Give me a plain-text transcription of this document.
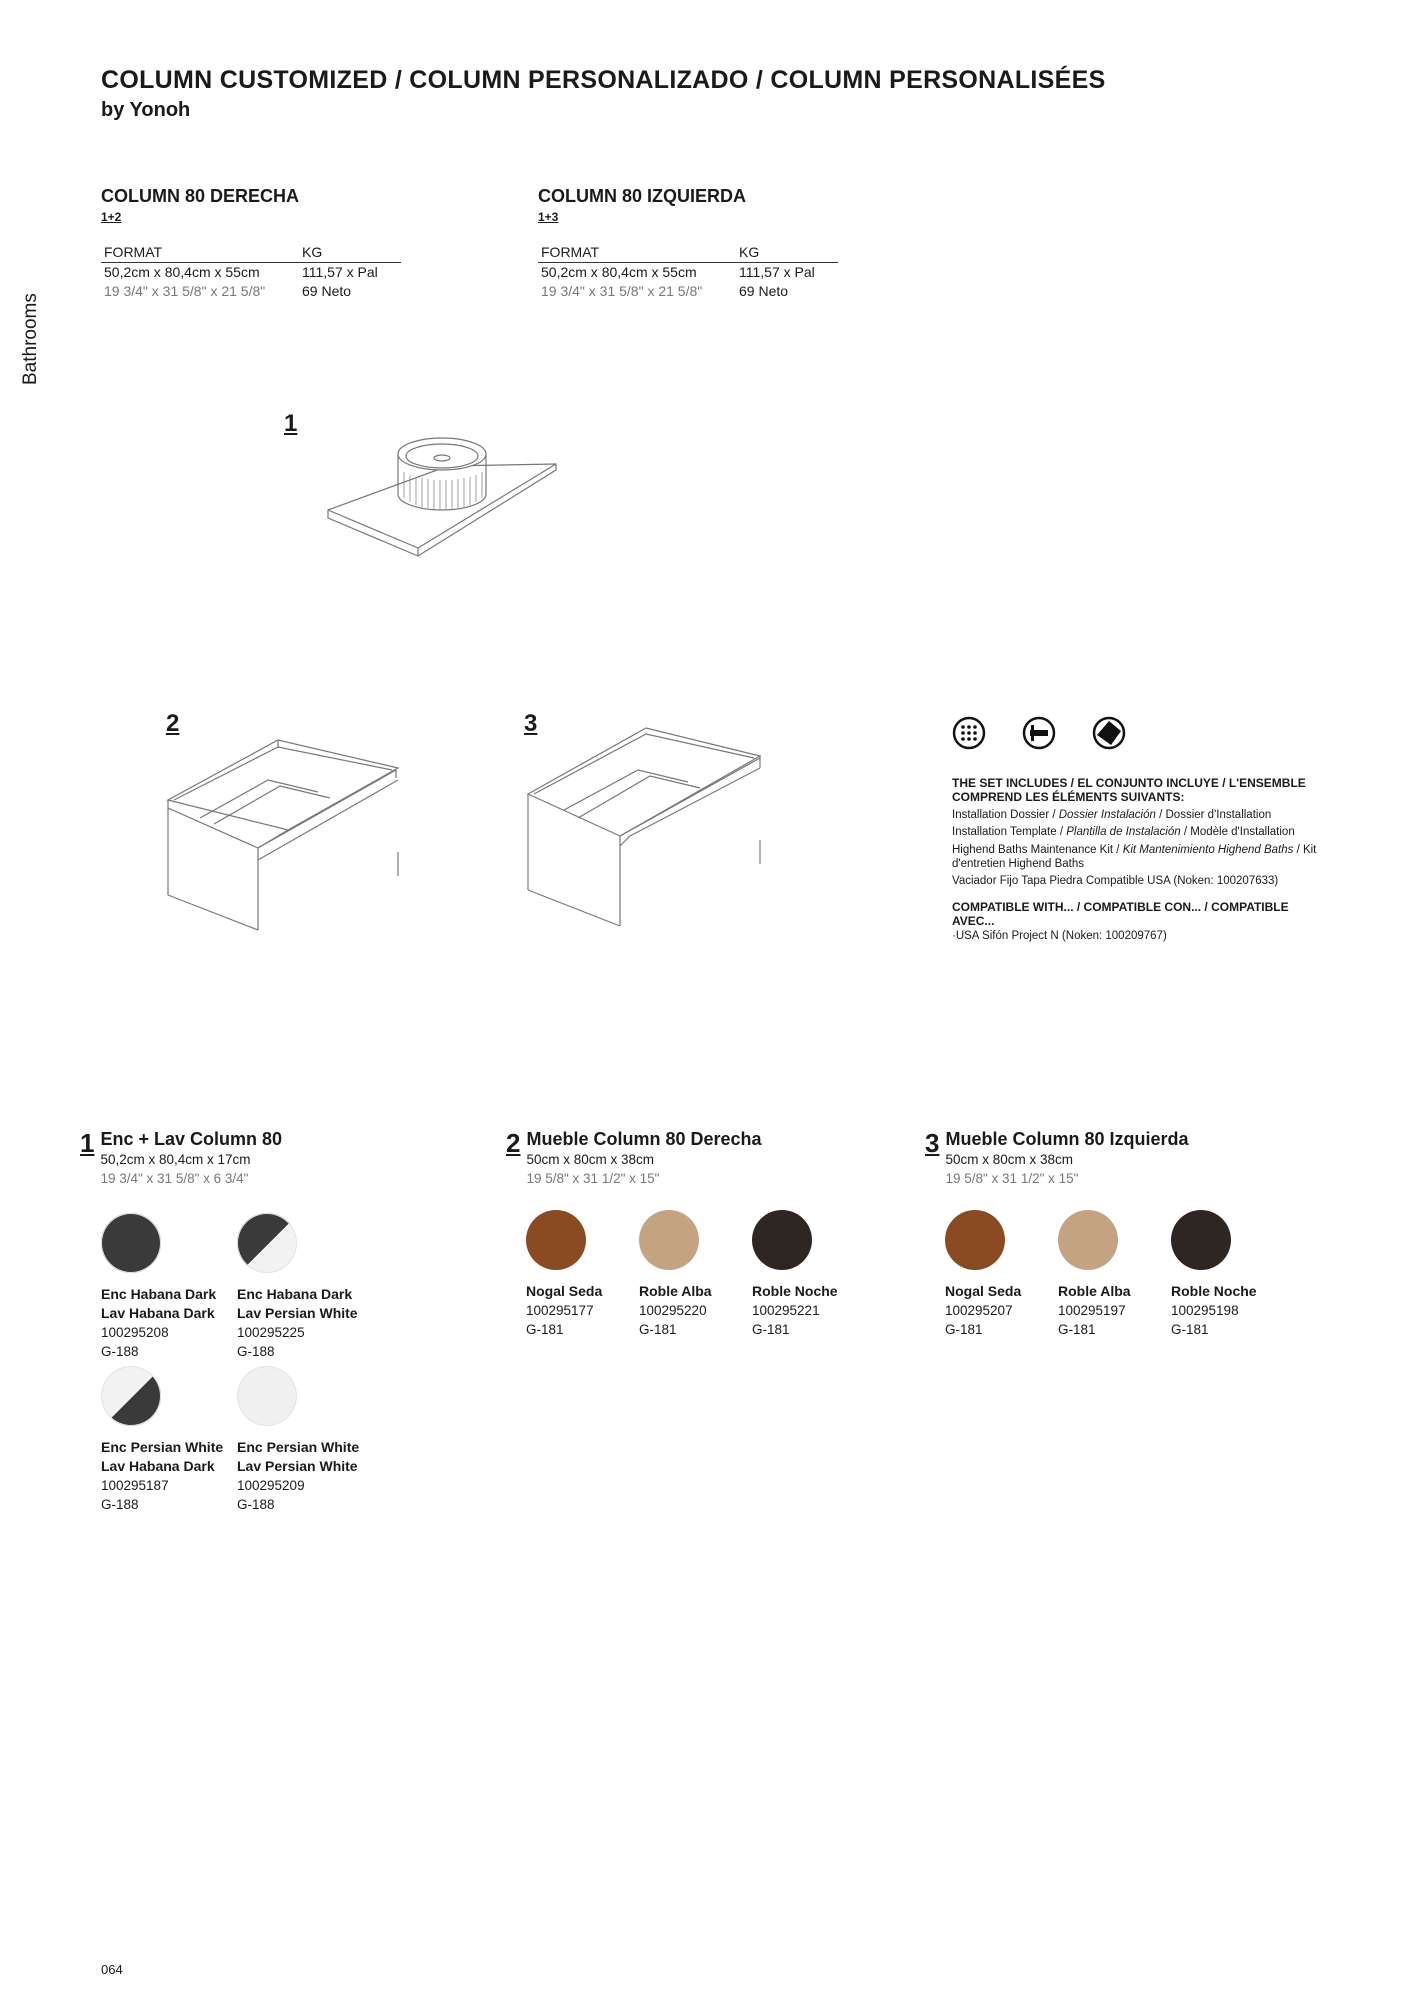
COLUMN CUSTOMIZED / COLUMN PERSONALIZADO / COLUMN PERSONALISÉES
by Yonoh
Bathrooms
COLUMN 80 DERECHA
1+2
FORMAT	KG
50,2cm x 80,4cm x 55cm	111,57 x Pal
19 3/4" x 31 5/8" x 21 5/8"	69 Neto
COLUMN 80 IZQUIERDA
1+3
FORMAT	KG
50,2cm x 80,4cm x 55cm	111,57 x Pal
19 3/4" x 31 5/8" x 21 5/8"	69 Neto
1
2	3
THE SET INCLUDES / EL CONJUNTO INCLUYE / L'ENSEMBLE COMPREND LES ÉLÉMENTS SUIVANTS:
Installation Dossier / Dossier Instalación / Dossier d'Installation
Installation Template / Plantilla de Instalación / Modèle d'Installation
Highend Baths Maintenance Kit / Kit Mantenimiento Highend Baths / Kit d'entretien Highend Baths
Vaciador Fijo Tapa Piedra Compatible USA (Noken: 100207633)
COMPATIBLE WITH... / COMPATIBLE CON... / COMPATIBLE AVEC...
·USA Sifón Project N (Noken: 100209767)
1 Enc + Lav Column 80
50,2cm x 80,4cm x 17cm
19 3/4" x 31 5/8" x 6 3/4"
Enc Habana Dark
Lav Habana Dark
100295208
G-188
Enc Habana Dark
Lav Persian White
100295225
G-188
Enc Persian White
Lav Habana Dark
100295187
G-188
Enc Persian White
Lav Persian White
100295209
G-188
2 Mueble Column 80 Derecha
50cm x 80cm x 38cm
19 5/8" x 31 1/2" x 15"
Nogal Seda
100295177
G-181
Roble Alba
100295220
G-181
Roble Noche
100295221
G-181
3 Mueble Column 80 Izquierda
50cm x 80cm x 38cm
19 5/8" x 31 1/2" x 15"
Nogal Seda
100295207
G-181
Roble Alba
100295197
G-181
Roble Noche
100295198
G-181
064
